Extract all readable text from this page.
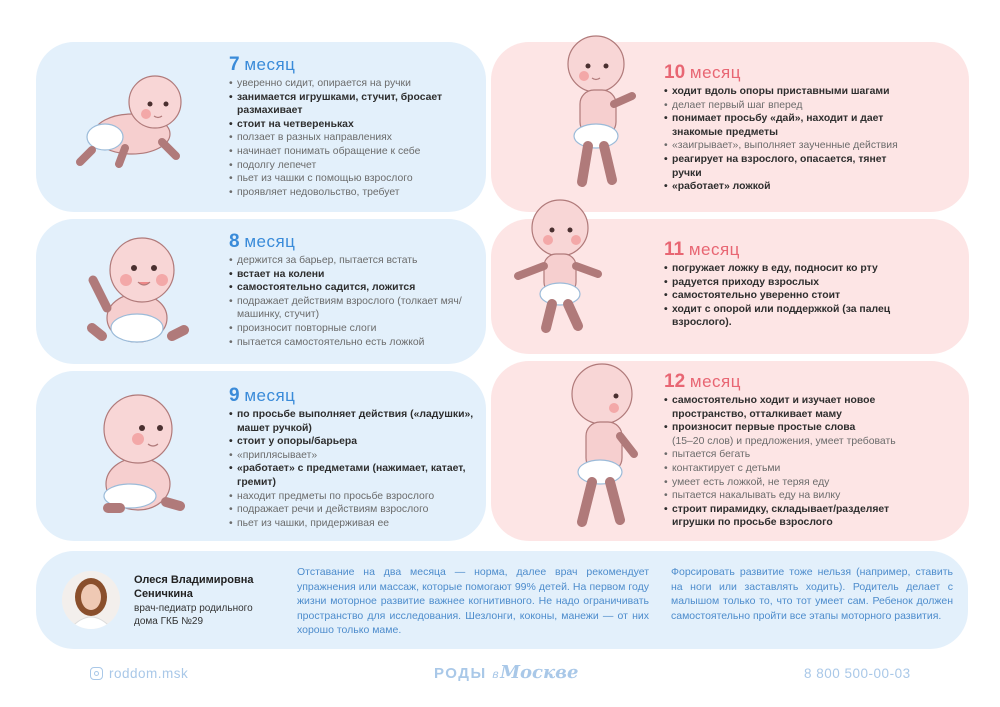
7 месяц
• уверенно сидит, опирается на ручки
• занимается игрушками, стучит, бросает размахивает
• стоит на четвереньках
• ползает в разных направлениях
• начинает понимать обращение к себе
• подолгу лепечет
• пьет из чашки с помощью взрослого
• проявляет недовольство, требует
8 месяц
• держится за барьер, пытается встать
• встает на колени
• самостоятельно садится, ложится
• подражает действиям взрослого (толкает мяч/машинку, стучит)
• произносит повторные слоги
• пытается самостоятельно есть ложкой
9 месяц
• по просьбе выполняет действия («ладушки», машет ручкой)
• стоит у опоры/барьера
• «приплясывает»
• «работает» с предметами (нажимает, катает, гремит)
• находит предметы по просьбе взрослого
• подражает речи и действиям взрослого
• пьет из чашки, придерживая ее
10 месяц
• ходит вдоль опоры приставными шагами
• делает первый шаг вперед
• понимает просьбу «дай», находит и дает знакомые предметы
• «заигрывает», выполняет заученные действия
• реагирует на взрослого, опасается, тянет ручки
• «работает» ложкой
11 месяц
• погружает ложку в еду, подносит ко рту
• радуется приходу взрослых
• самостоятельно уверенно стоит
• ходит с опорой или поддержкой (за палец взрослого).
12 месяц
• самостоятельно ходит и изучает новое пространство, отталкивает маму
• произносит первые простые слова
(15–20 слов) и предложения, умеет требовать
• пытается бегать
• контактирует с детьми
• умеет есть ложкой, не теряя еду
• пытается накалывать еду на вилку
• строит пирамидку, складывает/разделяет игрушки по просьбе взрослого
Олеся Владимировна
Сеничкина
врач-педиатр родильного
дома ГКБ №29
Отставание на два месяца — норма, далее врач рекомендует упражнения или массаж, которые помогают 99% детей. На первом году жизни моторное развитие важнее когнитивного. Не надо ограничивать пространство для исследования. Шезлонги, коконы, манежи — от них хорошо только маме.
Форсировать развитие тоже нельзя (например, ставить на ноги или заставлять ходить). Родитель делает с малышом только то, что тот умеет сам. Ребенок должен самостоятельно пройти все этапы моторного развития.
roddom.msk	РОДЫ вМоскве	8 800 500-00-03
